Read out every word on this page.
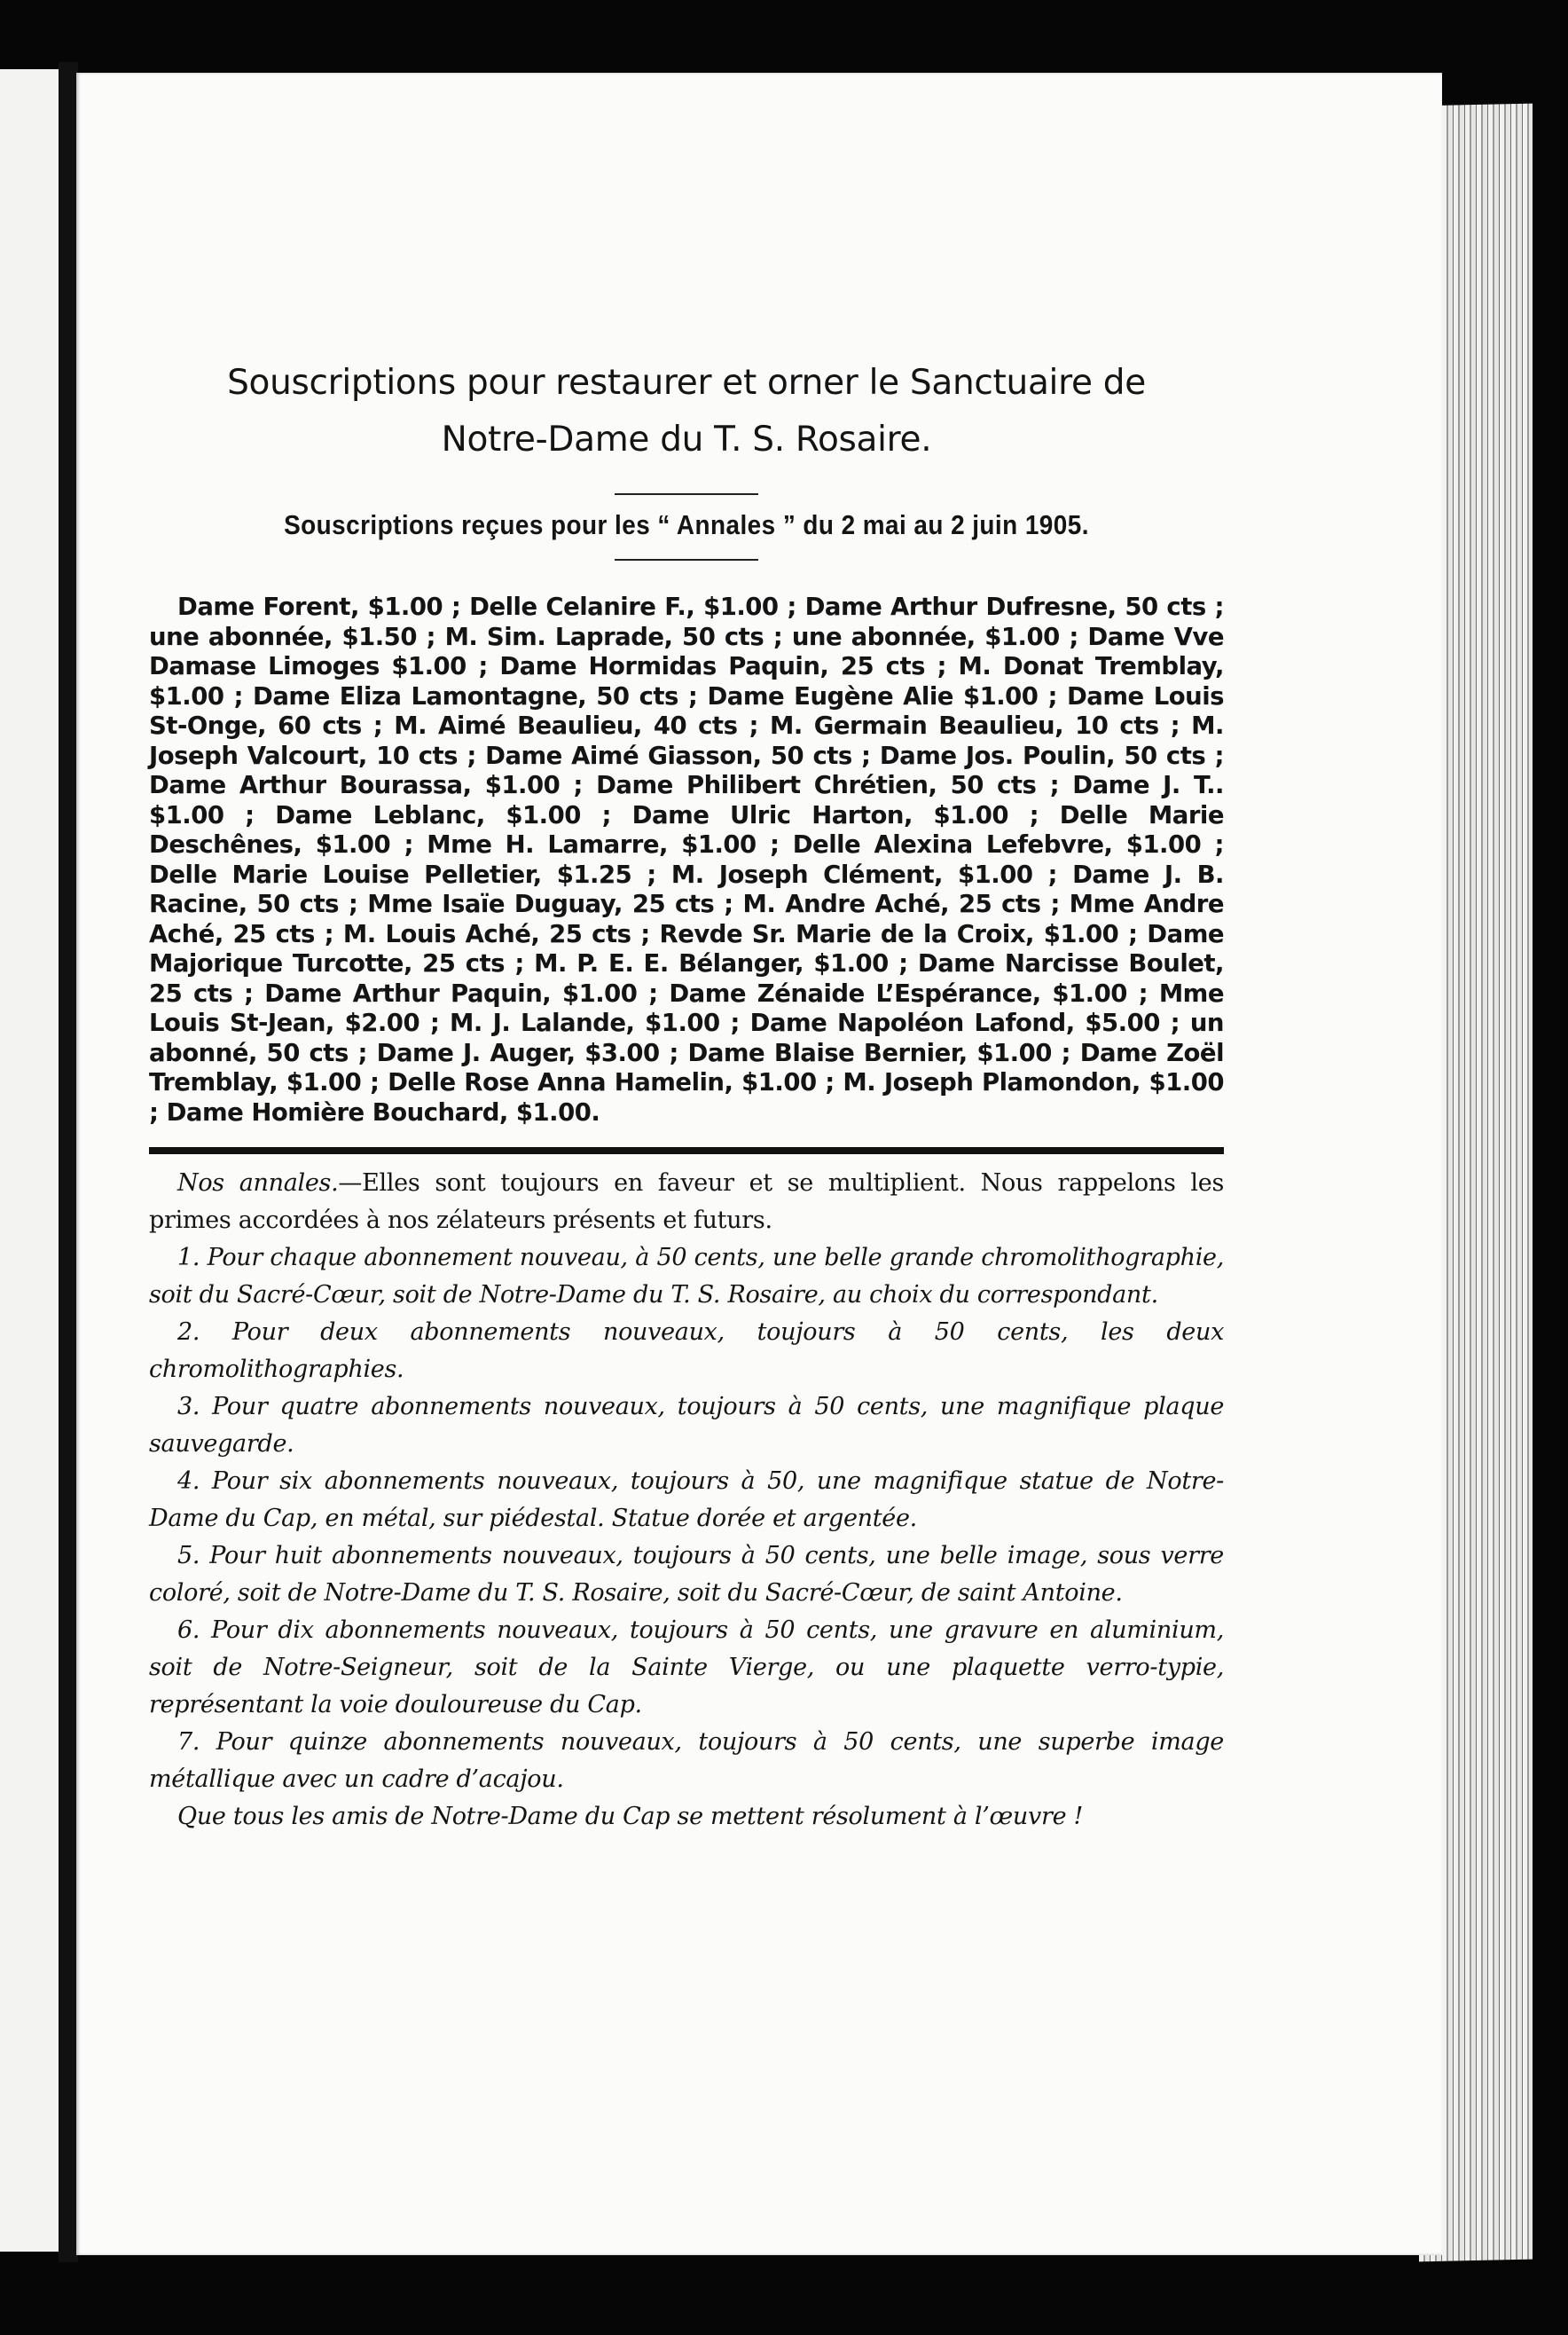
Souscriptions pour restaurer et orner le Sanctuaire de
Notre-Dame du T. S. Rosaire.

Souscriptions reçues pour les “ Annales ” du 2 mai au 2 juin 1905.

Dame Forent, $1.00 ; Delle Celanire F., $1.00 ; Dame Arthur Dufresne, 50 cts ; une abonnée, $1.50 ; M. Sim. Laprade, 50 cts ; une abonnée, $1.00 ; Dame Vve Damase Limoges $1.00 ; Dame Hormidas Paquin, 25 cts ; M. Donat Tremblay, $1.00 ; Dame Eliza Lamontagne, 50 cts ; Dame Eugène Alie $1.00 ; Dame Louis St-Onge, 60 cts ; M. Aimé Beaulieu, 40 cts ; M. Germain Beaulieu, 10 cts ; M. Joseph Valcourt, 10 cts ; Dame Aimé Giasson, 50 cts ; Dame Jos. Poulin, 50 cts ; Dame Arthur Bourassa, $1.00 ; Dame Philibert Chrétien, 50 cts ; Dame J. T.. $1.00 ; Dame Leblanc, $1.00 ; Dame Ulric Harton, $1.00 ; Delle Marie Deschênes, $1.00 ; Mme H. Lamarre, $1.00 ; Delle Alexina Lefebvre, $1.00 ; Delle Marie Louise Pelletier, $1.25 ; M. Joseph Clément, $1.00 ; Dame J. B. Racine, 50 cts ; Mme Isaïe Duguay, 25 cts ; M. Andre Aché, 25 cts ; Mme Andre Aché, 25 cts ; M. Louis Aché, 25 cts ; Revde Sr. Marie de la Croix, $1.00 ; Dame Majorique Turcotte, 25 cts ; M. P. E. E. Bélanger, $1.00 ; Dame Narcisse Boulet, 25 cts ; Dame Arthur Paquin, $1.00 ; Dame Zénaide L’Espérance, $1.00 ; Mme Louis St-Jean, $2.00 ; M. J. Lalande, $1.00 ; Dame Napoléon Lafond, $5.00 ; un abonné, 50 cts ; Dame J. Auger, $3.00 ; Dame Blaise Bernier, $1.00 ; Dame Zoël Tremblay, $1.00 ; Delle Rose Anna Hamelin, $1.00 ; M. Joseph Plamondon, $1.00 ; Dame Homière Bouchard, $1.00.

Nos annales.—Elles sont toujours en faveur et se multiplient. Nous rappelons les primes accordées à nos zélateurs présents et futurs.

1. Pour chaque abonnement nouveau, à 50 cents, une belle grande chromolithographie, soit du Sacré-Cœur, soit de Notre-Dame du T. S. Rosaire, au choix du correspondant.

2. Pour deux abonnements nouveaux, toujours à 50 cents, les deux chromolithographies.

3. Pour quatre abonnements nouveaux, toujours à 50 cents, une magnifique plaque sauvegarde.

4. Pour six abonnements nouveaux, toujours à 50, une magnifique statue de Notre-Dame du Cap, en métal, sur piédestal. Statue dorée et argentée.

5. Pour huit abonnements nouveaux, toujours à 50 cents, une belle image, sous verre coloré, soit de Notre-Dame du T. S. Rosaire, soit du Sacré-Cœur, de saint Antoine.

6. Pour dix abonnements nouveaux, toujours à 50 cents, une gravure en aluminium, soit de Notre-Seigneur, soit de la Sainte Vierge, ou une plaquette verro-typie, représentant la voie douloureuse du Cap.

7. Pour quinze abonnements nouveaux, toujours à 50 cents, une superbe image métallique avec un cadre d’acajou.

Que tous les amis de Notre-Dame du Cap se mettent résolument à l’œuvre !
